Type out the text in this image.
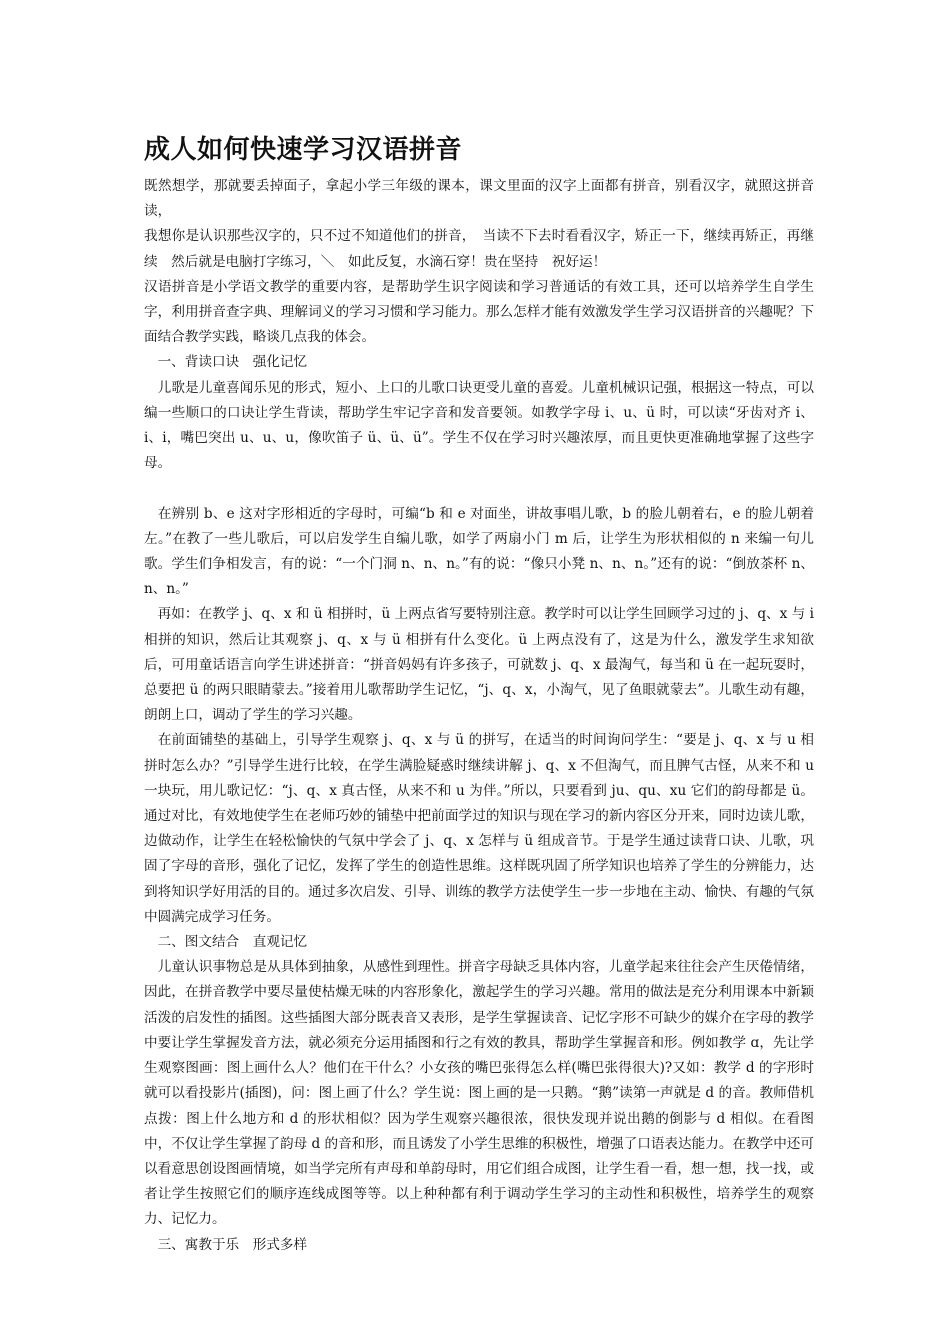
成人如何快速学习汉语拼音

既然想学，那就要丢掉面子，拿起小学三年级的课本，课文里面的汉字上面都有拼音，别看汉字，就照这拼音读，

我想你是认识那些汉字的，只不过不知道他们的拼音，　当读不下去时看看汉字，矫正一下，继续再矫正，再继续　然后就是电脑打字练习，＼　如此反复，水滴石穿！贵在坚持　祝好运！

汉语拼音是小学语文教学的重要内容，是帮助学生识字阅读和学习普通话的有效工具，还可以培养学生自学生字，利用拼音查字典、理解词义的学习习惯和学习能力。那么怎样才能有效激发学生学习汉语拼音的兴趣呢？下面结合教学实践，略谈几点我的体会。

　一、背读口诀　强化记忆

　儿歌是儿童喜闻乐见的形式，短小、上口的儿歌口诀更受儿童的喜爱。儿童机械识记强，根据这一特点，可以编一些顺口的口诀让学生背读，帮助学生牢记字音和发音要领。如教学字母 i、u、ü 时，可以读“牙齿对齐 i、i、i，嘴巴突出 u、u、u，像吹笛子 ü、ü、ü”。学生不仅在学习时兴趣浓厚，而且更快更准确地掌握了这些字母。

　在辨别 b、e 这对字形相近的字母时，可编“b 和 e 对面坐，讲故事唱儿歌，b 的脸儿朝着右，e 的脸儿朝着左。”在教了一些儿歌后，可以启发学生自编儿歌，如学了两扇小门 m 后，让学生为形状相似的 n 来编一句儿歌。学生们争相发言，有的说：“一个门洞 n、n、n。”有的说：“像只小凳 n、n、n。”还有的说：“倒放茶杯 n、n、n。”

　再如：在教学 j、q、x 和 ü 相拼时，ü 上两点省写要特别注意。教学时可以让学生回顾学习过的 j、q、x 与 i 相拼的知识，然后让其观察 j、q、x 与 ü 相拼有什么变化。ü 上两点没有了，这是为什么，激发学生求知欲后，可用童话语言向学生讲述拼音：“拼音妈妈有许多孩子，可就数 j、q、x 最淘气，每当和 ü 在一起玩耍时，总要把 ü 的两只眼睛蒙去。”接着用儿歌帮助学生记忆，“j、q、x，小淘气，见了鱼眼就蒙去”。儿歌生动有趣，朗朗上口，调动了学生的学习兴趣。

　在前面铺垫的基础上，引导学生观察 j、q、x 与 ü 的拼写，在适当的时间询问学生：“要是 j、q、x 与 u 相拼时怎么办？”引导学生进行比较，在学生满脸疑惑时继续讲解 j、q、x 不但淘气，而且脾气古怪，从来不和 u 一块玩，用儿歌记忆：“j、q、x 真古怪，从来不和 u 为伴。”所以，只要看到 ju、qu、xu 它们的韵母都是 ü。通过对比，有效地使学生在老师巧妙的铺垫中把前面学过的知识与现在学习的新内容区分开来，同时边读儿歌，边做动作，让学生在轻松愉快的气氛中学会了 j、q、x 怎样与 ü 组成音节。于是学生通过读背口诀、儿歌，巩固了字母的音形，强化了记忆，发挥了学生的创造性思维。这样既巩固了所学知识也培养了学生的分辨能力，达到将知识学好用活的目的。通过多次启发、引导、训练的教学方法使学生一步一步地在主动、愉快、有趣的气氛中圆满完成学习任务。

　二、图文结合　直观记忆

　儿童认识事物总是从具体到抽象，从感性到理性。拼音字母缺乏具体内容，儿童学起来往往会产生厌倦情绪，因此，在拼音教学中要尽量使枯燥无味的内容形象化，激起学生的学习兴趣。常用的做法是充分利用课本中新颖活泼的启发性的插图。这些插图大部分既表音又表形，是学生掌握读音、记忆字形不可缺少的媒介在字母的教学中要让学生掌握发音方法，就必须充分运用插图和行之有效的教具，帮助学生掌握音和形。例如教学 ɑ，先让学生观察图画：图上画什么人？他们在干什么？小女孩的嘴巴张得怎么样(嘴巴张得很大)?又如：教学 d 的字形时就可以看投影片(插图)，问：图上画了什么？学生说：图上画的是一只鹅。“鹅”读第一声就是 d 的音。教师借机点拨：图上什么地方和 d 的形状相似？因为学生观察兴趣很浓，很快发现并说出鹅的倒影与 d 相似。在看图中，不仅让学生掌握了韵母 d 的音和形，而且诱发了小学生思维的积极性，增强了口语表达能力。在教学中还可以看意思创设图画情境，如当学完所有声母和单韵母时，用它们组合成图，让学生看一看，想一想，找一找，或者让学生按照它们的顺序连线成图等等。以上种种都有利于调动学生学习的主动性和积极性，培养学生的观察力、记忆力。

　三、寓教于乐　形式多样
